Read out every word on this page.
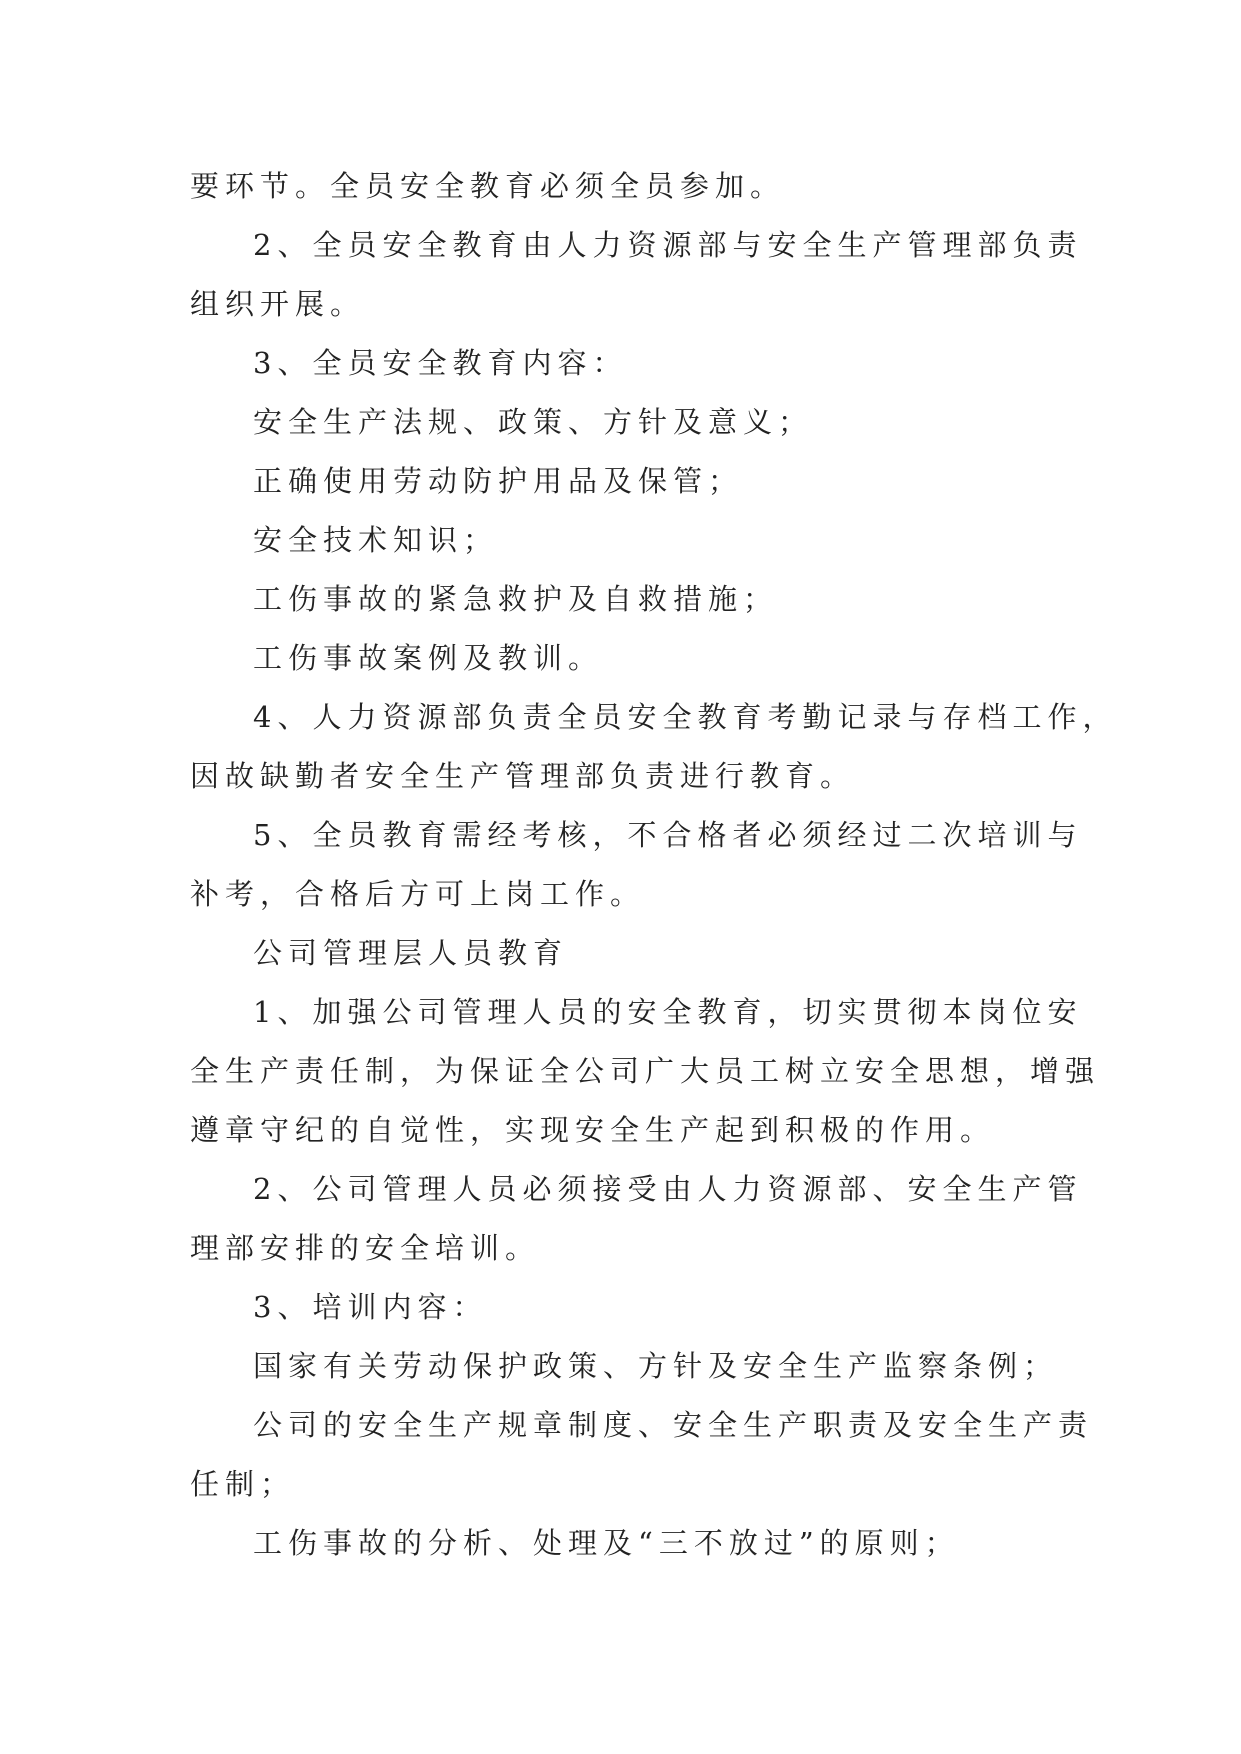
要环节。全员安全教育必须全员参加。

2、全员安全教育由人力资源部与安全生产管理部负责

组织开展。

3、全员安全教育内容：

安全生产法规、政策、方针及意义；

正确使用劳动防护用品及保管；

安全技术知识；

工伤事故的紧急救护及自救措施；

工伤事故案例及教训。

4、人力资源部负责全员安全教育考勤记录与存档工作，

因故缺勤者安全生产管理部负责进行教育。

5、全员教育需经考核，不合格者必须经过二次培训与

补考，合格后方可上岗工作。

公司管理层人员教育

1、加强公司管理人员的安全教育，切实贯彻本岗位安

全生产责任制，为保证全公司广大员工树立安全思想，增强

遵章守纪的自觉性，实现安全生产起到积极的作用。

2、公司管理人员必须接受由人力资源部、安全生产管

理部安排的安全培训。

3、培训内容：

国家有关劳动保护政策、方针及安全生产监察条例；

公司的安全生产规章制度、安全生产职责及安全生产责

任制；

工伤事故的分析、处理及“三不放过”的原则；
